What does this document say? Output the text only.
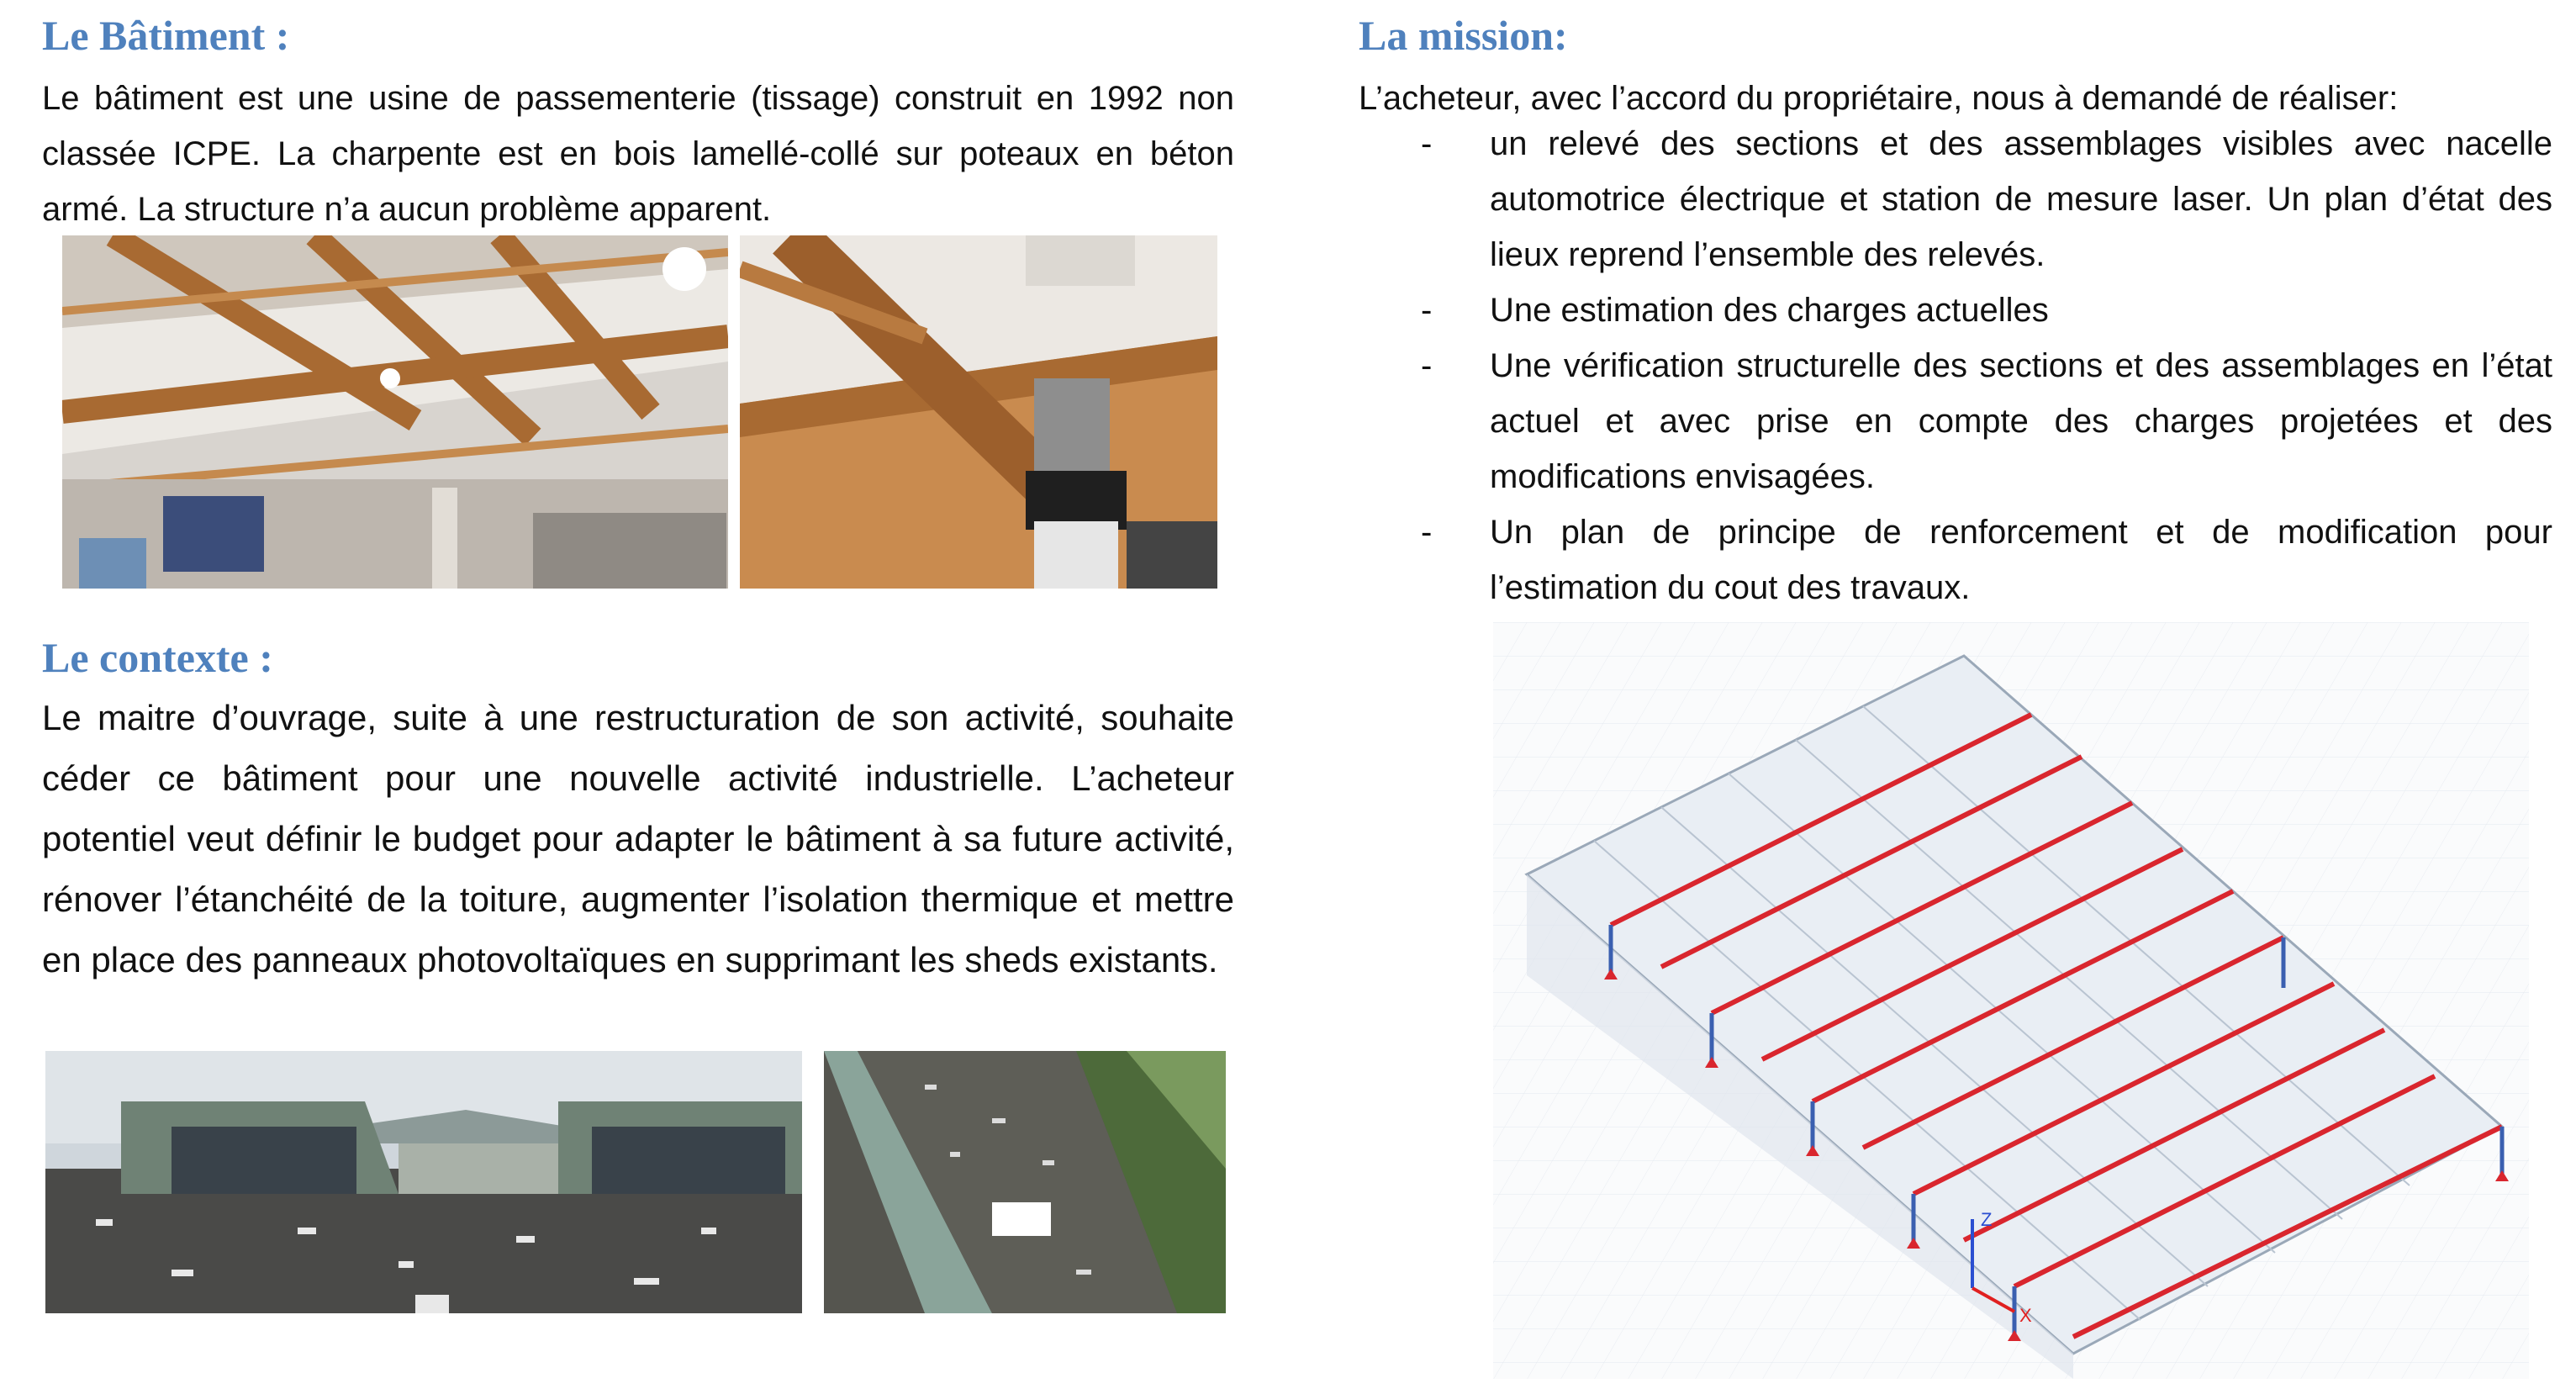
Le Bâtiment :

Le bâtiment est une usine de passementerie (tissage) construit en 1992 non classée ICPE. La charpente est en bois lamellé-collé sur poteaux en béton armé. La structure n’a aucun problème apparent.

Le contexte :

Le maitre d’ouvrage, suite à une restructuration de son activité, souhaite céder ce bâtiment pour une nouvelle activité industrielle. L’acheteur potentiel veut définir le budget pour adapter le bâtiment à sa future activité, rénover l’étanchéité de la toiture, augmenter l’isolation thermique et mettre en place des panneaux photovoltaïques en supprimant les sheds existants.

La mission:

L’acheteur, avec l’accord du propriétaire, nous à demandé de réaliser:

- un relevé des sections et des assemblages visibles avec nacelle automotrice électrique et station de mesure laser. Un plan d’état des lieux reprend l’ensemble des relevés.
- Une estimation des charges actuelles
- Une vérification structurelle des sections et des assemblages en l’état actuel et avec prise en compte des charges projetées et des modifications envisagées.
- Un plan de principe de renforcement et de modification pour l’estimation du cout des travaux.
Z
X
